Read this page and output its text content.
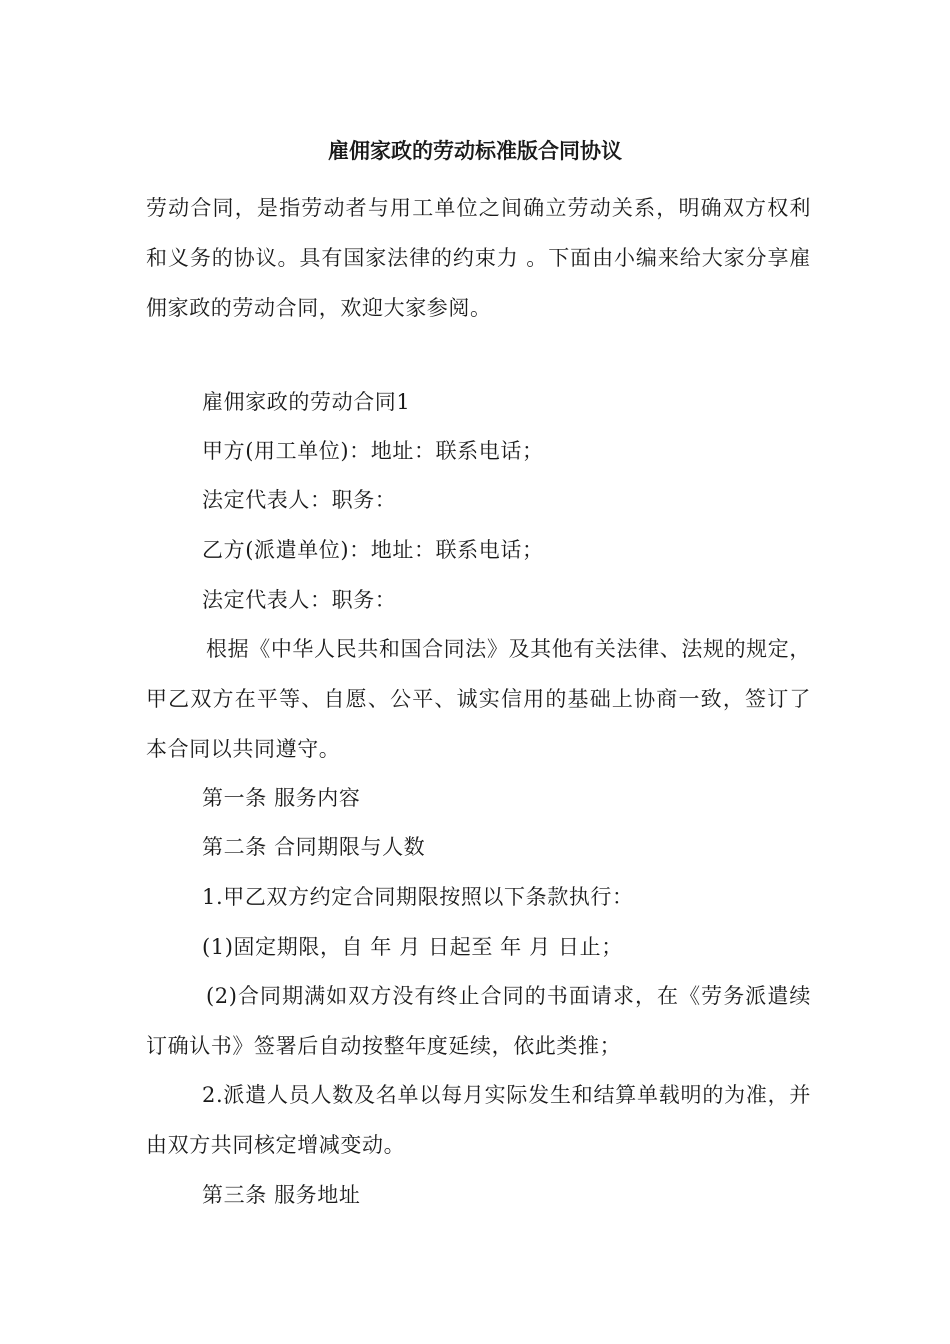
雇佣家政的劳动标准版合同协议

劳动合同，是指劳动者与用工单位之间确立劳动关系，明确双方权利和义务的协议。具有国家法律的约束力 。下面由小编来给大家分享雇佣家政的劳动合同，欢迎大家参阅。

雇佣家政的劳动合同1

甲方(用工单位)：地址：联系电话；

法定代表人：职务：

乙方(派遣单位)：地址：联系电话；

法定代表人：职务：

根据《中华人民共和国合同法》及其他有关法律、法规的规定，甲乙双方在平等、自愿、公平、诚实信用的基础上协商一致，签订了本合同以共同遵守。

第一条 服务内容

第二条 合同期限与人数

1.甲乙双方约定合同期限按照以下条款执行：

(1)固定期限，自 年 月 日起至 年 月 日止；

(2)合同期满如双方没有终止合同的书面请求，在《劳务派遣续订确认书》签署后自动按整年度延续，依此类推；

2.派遣人员人数及名单以每月实际发生和结算单载明的为准，并由双方共同核定增减变动。

第三条 服务地址
